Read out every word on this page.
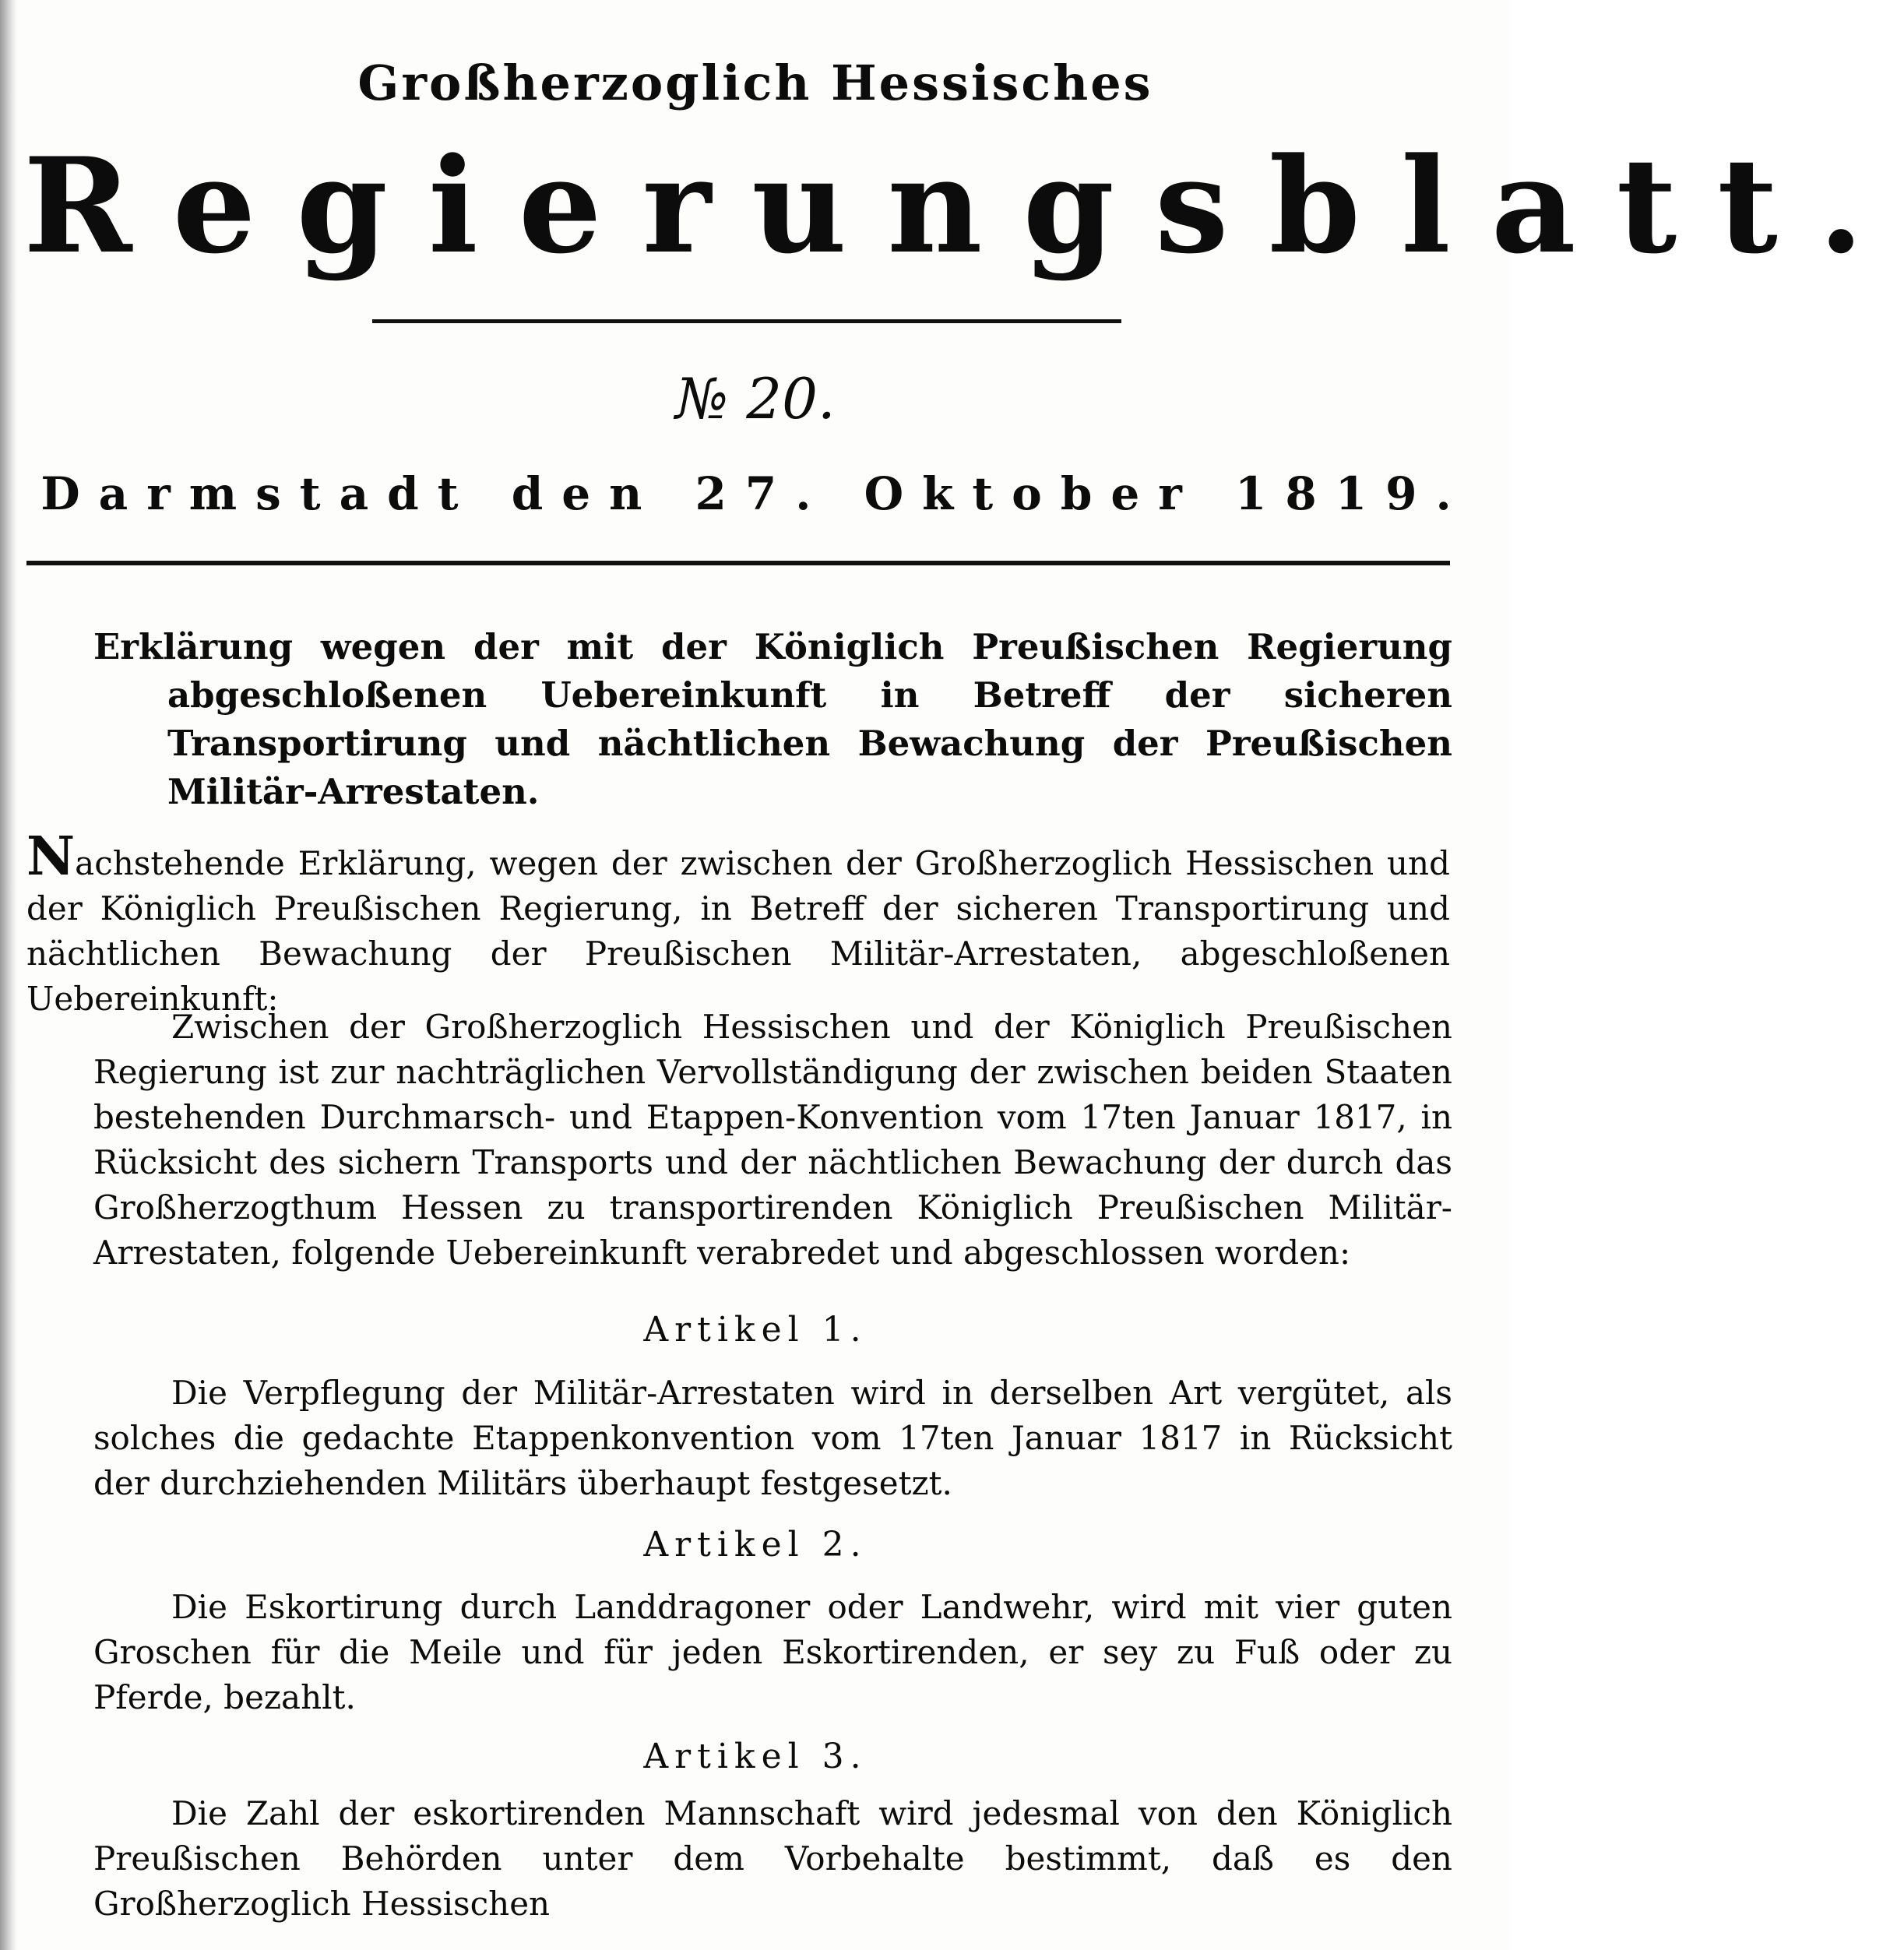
Großherzoglich Hessisches
Regierungsblatt.
№ 20.
Darmstadt den 27. Oktober 1819.
Erklärung wegen der mit der Königlich Preußischen Regierung abgeschloßenen Uebereinkunft in Betreff der sicheren Transportirung und nächtlichen Bewachung der Preußischen Militär-Arrestaten.
Nachstehende Erklärung, wegen der zwischen der Großherzoglich Hessischen und der Königlich Preußischen Regierung, in Betreff der sicheren Transportirung und nächtlichen Bewachung der Preußischen Militär-Arrestaten, abgeschloßenen Uebereinkunft:
Zwischen der Großherzoglich Hessischen und der Königlich Preußischen Regierung ist zur nachträglichen Vervollständigung der zwischen beiden Staaten bestehenden Durchmarsch- und Etappen-Konvention vom 17ten Januar 1817, in Rücksicht des sichern Transports und der nächtlichen Bewachung der durch das Großherzogthum Hessen zu transportirenden Königlich Preußischen Militär-Arrestaten, folgende Uebereinkunft verabredet und abgeschlossen worden:
Artikel 1.
Die Verpflegung der Militär-Arrestaten wird in derselben Art vergütet, als solches die gedachte Etappenkonvention vom 17ten Januar 1817 in Rücksicht der durchziehenden Militärs überhaupt festgesetzt.
Artikel 2.
Die Eskortirung durch Landdragoner oder Landwehr, wird mit vier guten Groschen für die Meile und für jeden Eskortirenden, er sey zu Fuß oder zu Pferde, bezahlt.
Artikel 3.
Die Zahl der eskortirenden Mannschaft wird jedesmal von den Königlich Preußischen Behörden unter dem Vorbehalte bestimmt, daß es den Großherzoglich Hessischen
